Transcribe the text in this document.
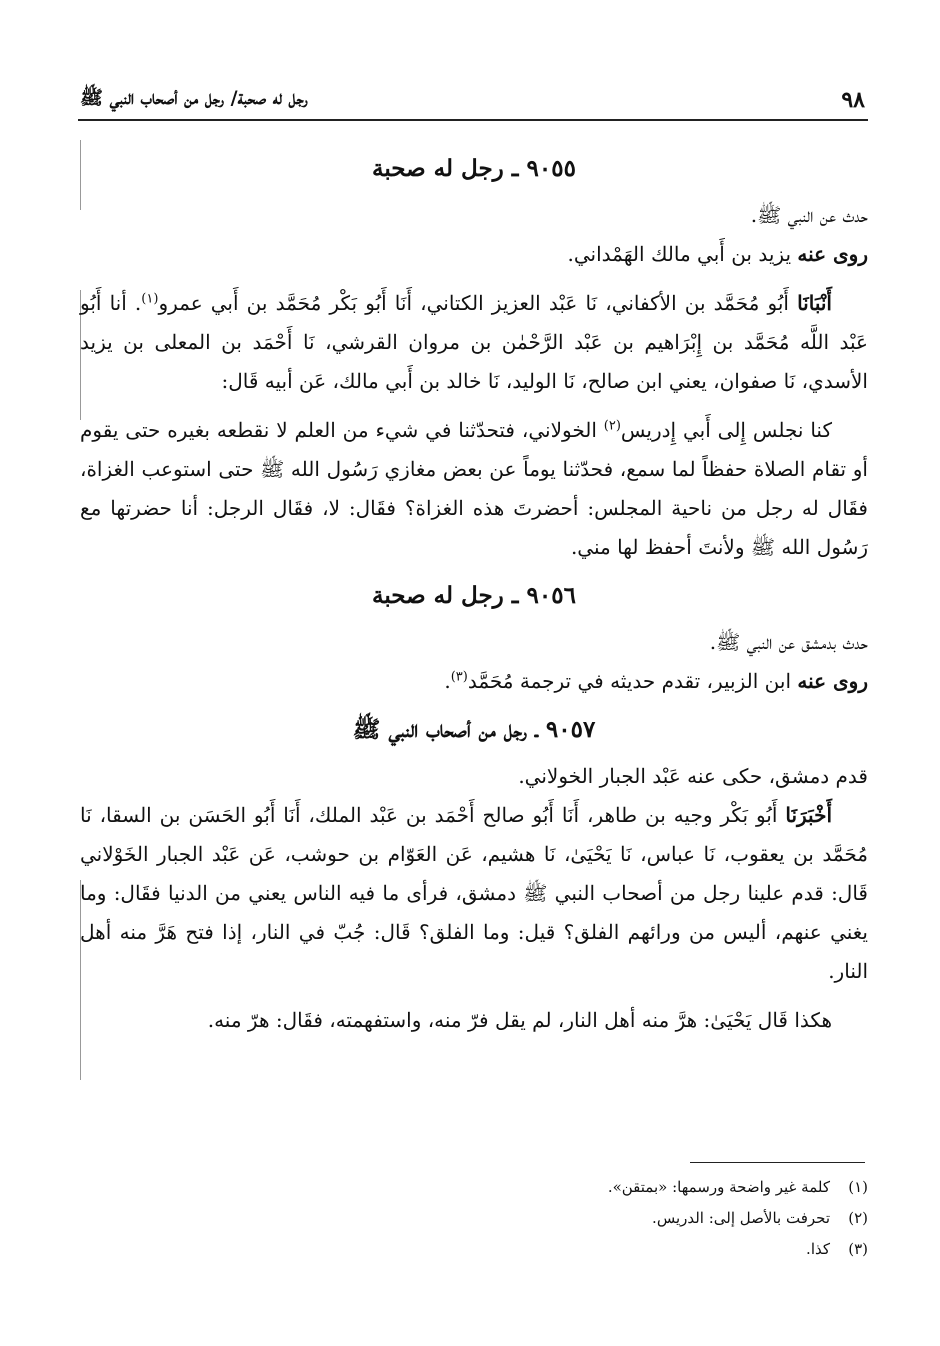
٩٨
رجل له صحبة/ رجل من أصحاب النبي ﷺ
٩٠٥٥ ـ رجل له صحبة

حدث عن النبي ﷺ.

روى عنه يزيد بن أَبي مالك الهَمْداني.

أَنْبَانَا أَبُو مُحَمَّد بن الأكفاني، نَا عَبْد العزيز الكتاني، أَنَا أَبُو بَكْر مُحَمَّد بن أَبي عمرو$^{(١)}$. أنا أَبُو عَبْد اللَّه مُحَمَّد بن إِبْرَاهيم بن عَبْد الرَّحْمٰن بن مروان القرشي، نَا أَحْمَد بن المعلى بن يزيد الأسدي، نَا صفوان، يعني ابن صالح، نَا الوليد، نَا خالد بن أَبي مالك، عَن أبيه قَال:

كنا نجلس إِلى أَبي إِدريس$^{(٢)}$ الخولاني، فتحدّثنا في شيء من العلم لا نقطعه بغيره حتى يقوم أو تقام الصلاة حفظاً لما سمع، فحدّثنا يوماً عن بعض مغازي رَسُول الله ﷺ حتى استوعب الغزاة، فقَال له رجل من ناحية المجلس: أحضرتَ هذه الغزاة؟ فقَال: لا، فقَال الرجل: أنا حضرتها مع رَسُول الله ﷺ ولأنتَ أحفظ لها مني.

٩٠٥٦ ـ رجل له صحبة

حدث بدمشق عن النبي ﷺ.

روى عنه ابن الزبير، تقدم حديثه في ترجمة مُحَمَّد$^{(٣)}$.

٩٠٥٧ ـ رجل من أصحاب النبي ﷺ

قدم دمشق، حكى عنه عَبْد الجبار الخولاني.

أَخْبَرَنَا أَبُو بَكْر وجيه بن طاهر، أَنَا أَبُو صالح أَحْمَد بن عَبْد الملك، أَنَا أَبُو الحَسَن بن السقا، نَا مُحَمَّد بن يعقوب، نَا عباس، نَا يَحْيَىٰ، نَا هشيم، عَن العَوّام بن حوشب، عَن عَبْد الجبار الخَوْلاني قَال: قدم علينا رجل من أصحاب النبي ﷺ دمشق، فرأى ما فيه الناس يعني من الدنيا فقَال: وما يغني عنهم، أليس من ورائهم الفلق؟ قيل: وما الفلق؟ قَال: جُبّ في النار، إذا فتح هَرَّ منه أهل النار.

هكذا قَال يَحْيَىٰ: هرَّ منه أهل النار، لم يقل فرّ منه، واستفهمته، فقَال: هرّ منه.

(١)
كلمة غير واضحة ورسمها: «بمتقن».
(٢)
تحرفت بالأصل إلى: الدريس.
(٣)
كذا.
